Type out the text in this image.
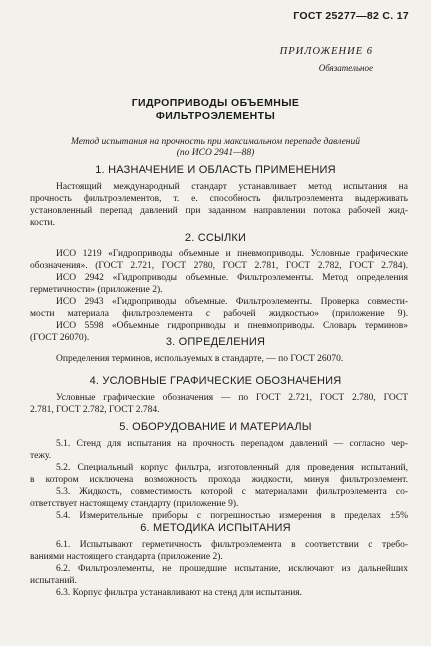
ГОСТ 25277—82 С. 17
ПРИЛОЖЕНИЕ 6
Обязательное
ГИДРОПРИВОДЫ ОБЪЕМНЫЕ
ФИЛЬТРОЭЛЕМЕНТЫ
Метод испытания на прочность при максимальном перепаде давлений
(по ИСО 2941—88)
1. НАЗНАЧЕНИЕ И ОБЛАСТЬ ПРИМЕНЕНИЯ
Настоящий международный стандарт устанавливает метод испытания на
прочность фильтроэлементов, т. е. способность фильтроэлемента выдерживать
установленный перепад давлений при заданном направлении потока рабочей жид-
кости.
2. ССЫЛКИ
ИСО 1219 «Гидроприводы объемные и пневмоприводы. Условные графические
обозначения». (ГОСТ 2.721, ГОСТ 2780, ГОСТ 2.781, ГОСТ 2.782, ГОСТ 2.784).
ИСО 2942 «Гидроприводы объемные. Фильтроэлементы. Метод определения
герметичности» (приложение 2).
ИСО 2943 «Гидроприводы объемные. Фильтроэлементы. Проверка совмести-
мости материала фильтроэлемента с рабочей жидкостью» (приложение 9).
ИСО 5598 «Объемные гидроприводы и пневмоприводы. Словарь терминов»
(ГОСТ 26070).	3. ОПРЕДЕЛЕНИЯ
Определения терминов, используемых в стандарте, — по ГОСТ 26070.
4. УСЛОВНЫЕ ГРАФИЧЕСКИЕ ОБОЗНАЧЕНИЯ
Условные графические обозначения — по ГОСТ 2.721, ГОСТ 2.780, ГОСТ
2.781, ГОСТ 2.782, ГОСТ 2.784.
5. ОБОРУДОВАНИЕ И МАТЕРИАЛЫ
5.1. Стенд для испытания на прочность перепадом давлений — согласно чер-
тежу.
5.2. Специальный корпус фильтра, изготовленный для проведения испытаний,
в котором исключена возможность прохода жидкости, минуя фильтроэлемент.
5.3. Жидкость, совместимость которой с материалами фильтроэлемента со-
ответствует настоящему стандарту (приложение 9).
5.4. Измерительные приборы с погрешностью измерения в пределах ±5%
6. МЕТОДИКА ИСПЫТАНИЯ
6.1. Испытывают герметичность фильтроэлемента в соответствии с требо-
ваниями настоящего стандарта (приложение 2).
6.2. Фильтроэлементы, не прошедшие испытание, исключают из дальнейших
испытаний.
6.3. Корпус фильтра устанавливают на стенд для испытания.
